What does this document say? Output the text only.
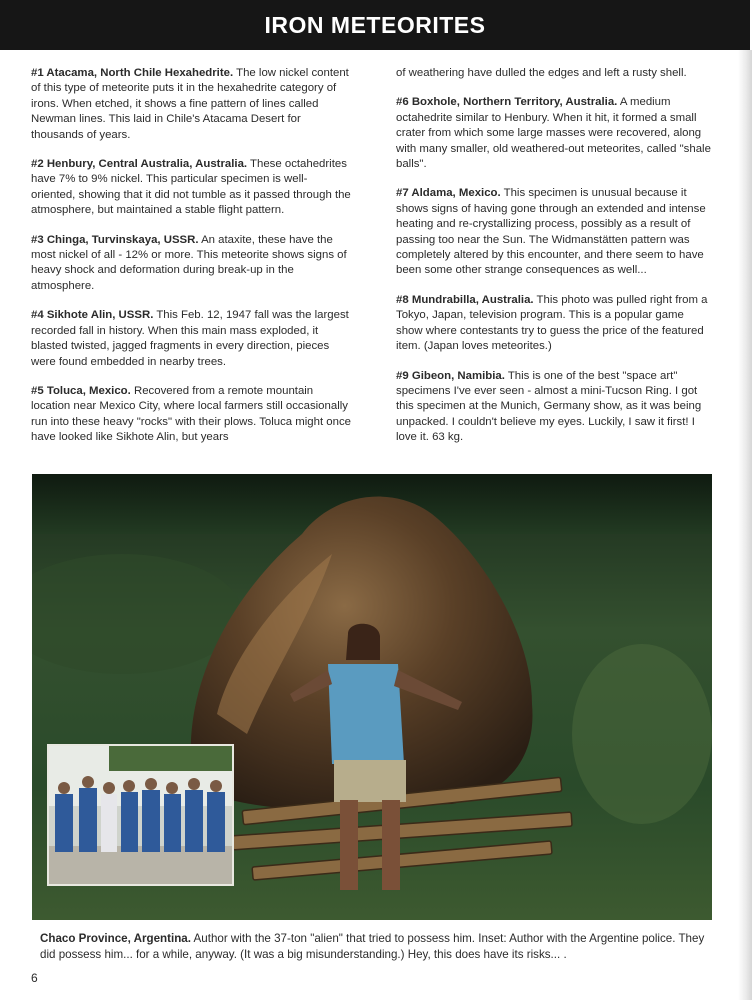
IRON METEORITES

#1 Atacama, North Chile Hexahedrite. The low nickel content of this type of meteorite puts it in the hexahedrite category of irons. When etched, it shows a fine pattern of lines called Newman lines. This laid in Chile's Atacama Desert for thousands of years.

#2 Henbury, Central Australia, Australia. These octahedrites have 7% to 9% nickel. This particular specimen is well-oriented, showing that it did not tumble as it passed through the atmosphere, but maintained a stable flight pattern.

#3 Chinga, Turvinskaya, USSR. An ataxite, these have the most nickel of all - 12% or more. This meteorite shows signs of heavy shock and deformation during break-up in the atmosphere.

#4 Sikhote Alin, USSR. This Feb. 12, 1947 fall was the largest recorded fall in history. When this main mass exploded, it blasted twisted, jagged fragments in every direction, pieces were found embedded in nearby trees.

#5 Toluca, Mexico. Recovered from a remote mountain location near Mexico City, where local farmers still occasionally run into these heavy "rocks" with their plows. Toluca might once have looked like Sikhote Alin, but years

of weathering have dulled the edges and left a rusty shell.

#6 Boxhole, Northern Territory, Australia. A medium octahedrite similar to Henbury. When it hit, it formed a small crater from which some large masses were recovered, along with many smaller, old weathered-out meteorites, called "shale balls".

#7 Aldama, Mexico. This specimen is unusual because it shows signs of having gone through an extended and intense heating and re-crystallizing process, possibly as a result of passing too near the Sun. The Widmanstätten pattern was completely altered by this encounter, and there seem to have been some other strange consequences as well...

#8 Mundrabilla, Australia. This photo was pulled right from a Tokyo, Japan, television program. This is a popular game show where contestants try to guess the price of the featured item. (Japan loves meteorites.)

#9 Gibeon, Namibia. This is one of the best "space art" specimens I've ever seen - almost a mini-Tucson Ring. I got this specimen at the Munich, Germany show, as it was being unpacked. I couldn't believe my eyes. Luckily, I saw it first! I love it. 63 kg.

Chaco Province, Argentina. Author with the 37-ton "alien" that tried to possess him. Inset: Author with the Argentine police. They did possess him... for a while, anyway. (It was a big misunderstanding.) Hey, this does have its risks... .
6
